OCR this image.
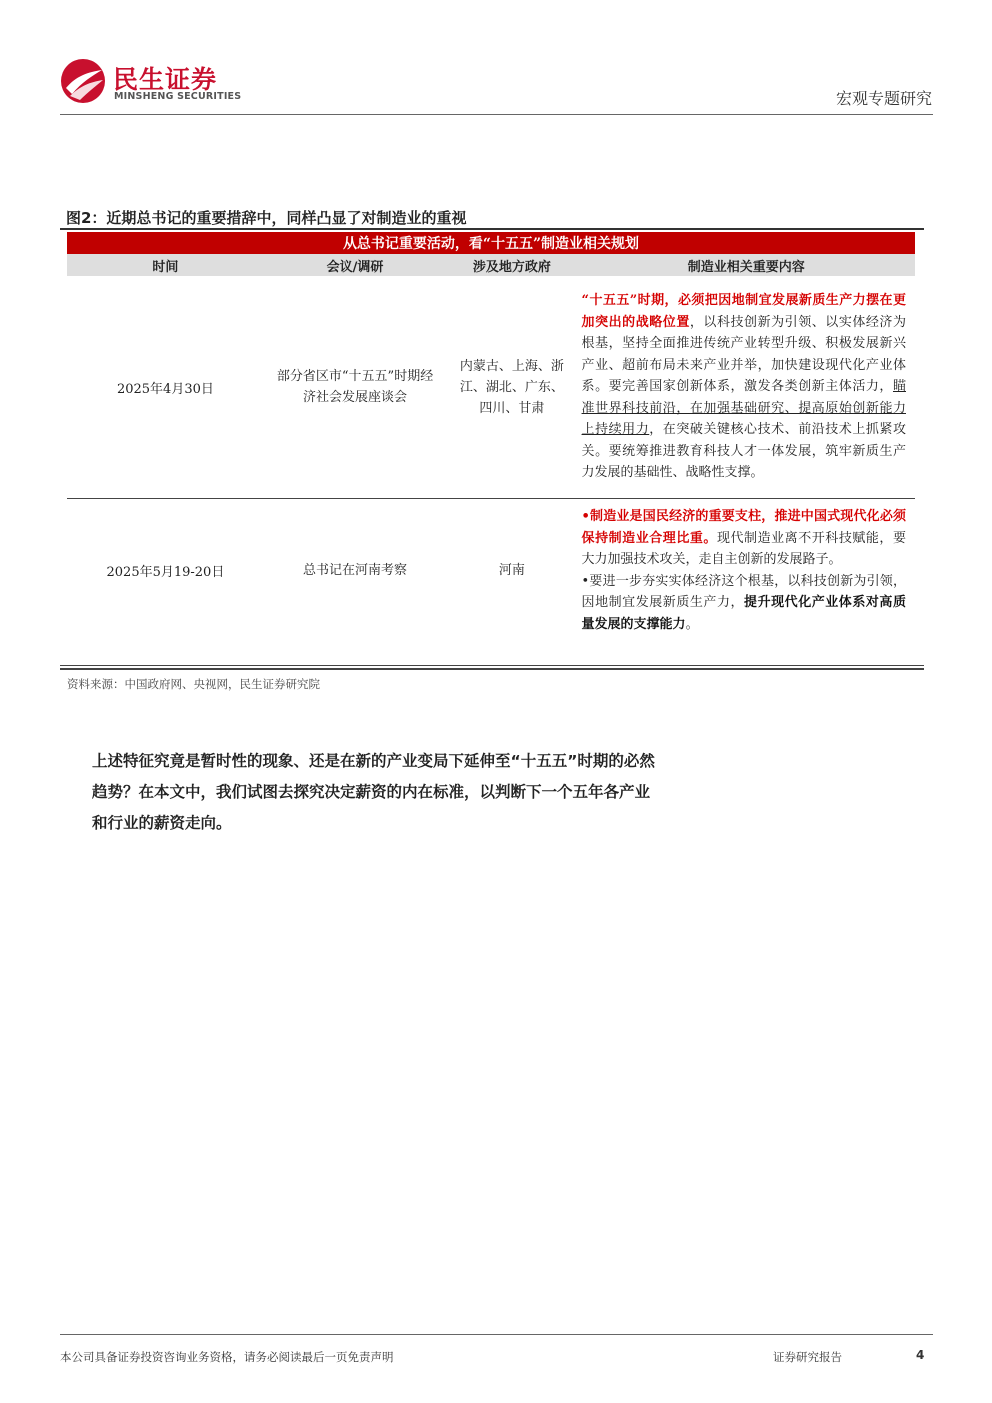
民生证券
MINSHENG SECURITIES	宏观专题研究
图2：近期总书记的重要措辞中，同样凸显了对制造业的重视
从总书记重要活动，看“十五五”制造业相关规划			
时间	会议/调研	涉及地方政府	制造业相关重要内容
2025年4月30日	部分省区市“十五五”时期经济社会发展座谈会	内蒙古、上海、浙江、湖北、广东、四川、甘肃	“十五五”时期，必须把因地制宜发展新质生产力摆在更加突出的战略位置，以科技创新为引领、以实体经济为根基，坚持全面推进传统产业转型升级、积极发展新兴产业、超前布局未来产业并举，加快建设现代化产业体系。要完善国家创新体系，激发各类创新主体活力，瞄准世界科技前沿，在加强基础研究、提高原始创新能力上持续用力，在突破关键核心技术、前沿技术上抓紧攻关。要统筹推进教育科技人才一体发展，筑牢新质生产力发展的基础性、战略性支撑。
2025年5月19-20日	总书记在河南考察	河南	•制造业是国民经济的重要支柱，推进中国式现代化必须保持制造业合理比重。现代制造业离不开科技赋能，要大力加强技术攻关，走自主创新的发展路子。
•要进一步夯实实体经济这个根基，以科技创新为引领，因地制宜发展新质生产力，提升现代化产业体系对高质量发展的支撑能力。
资料来源：中国政府网、央视网，民生证券研究院

上述特征究竟是暂时性的现象、还是在新的产业变局下延伸至“十五五”时期的必然趋势？在本文中，我们试图去探究决定薪资的内在标准，以判断下一个五年各产业和行业的薪资走向。

本公司具备证券投资咨询业务资格，请务必阅读最后一页免责声明	证券研究报告	4
